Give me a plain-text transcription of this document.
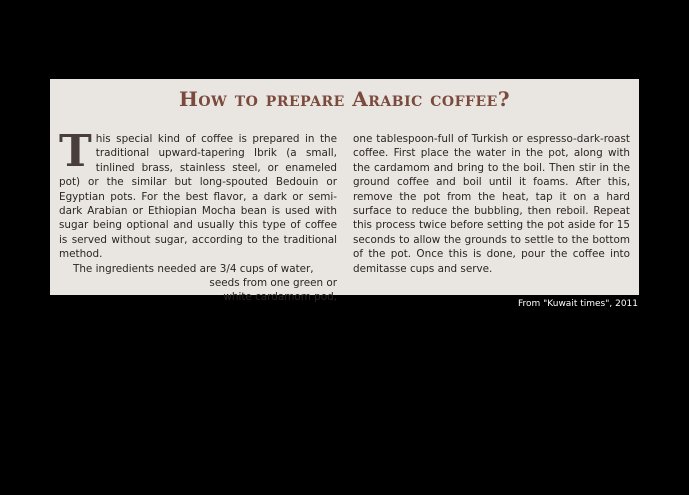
How to prepare Arabic coffee?

This special kind of coffee is prepared in the traditional upward-tapering Ibrik (a small, tinlined brass, stainless steel, or enameled pot) or the similar but long-spouted Bedouin or Egyptian pots. For the best flavor, a dark or semi-dark Arabian or Ethiopian Mocha bean is used with sugar being optional and usually this type of coffee is served without sugar, according to the traditional method.

The ingredients needed are 3/4 cups of water,

seeds from one green or

white cardamom pod,

one tablespoon-full of Turkish or espresso-dark-roast coffee. First place the water in the pot, along with the cardamom and bring to the boil. Then stir in the ground coffee and boil until it foams. After this, remove the pot from the heat, tap it on a hard surface to reduce the bubbling, then reboil. Repeat this process twice before setting the pot aside for 15 seconds to allow the grounds to settle to the bottom of the pot. Once this is done, pour the coffee into demitasse cups and serve.

From "Kuwait times", 2011
